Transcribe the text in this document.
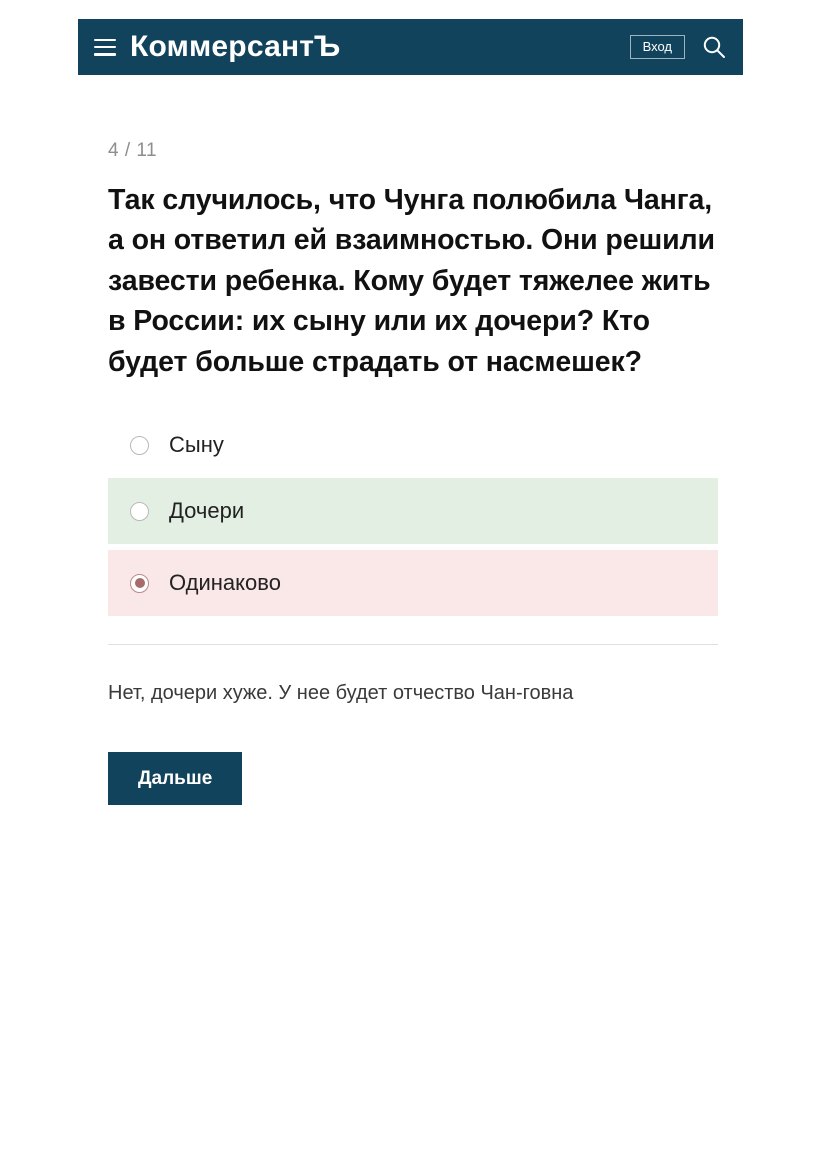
КоммерсантЪ	Вход
4 / 11
Так случилось, что Чунга полюбила Чанга, а он ответил ей взаимностью. Они решили завести ребенка. Кому будет тяжелее жить в России: их сыну или их дочери? Кто будет больше страдать от насмешек?
Сыну
Дочери
Одинаково

Нет, дочери хуже. У нее будет отчество Чан-говна

Дальше
